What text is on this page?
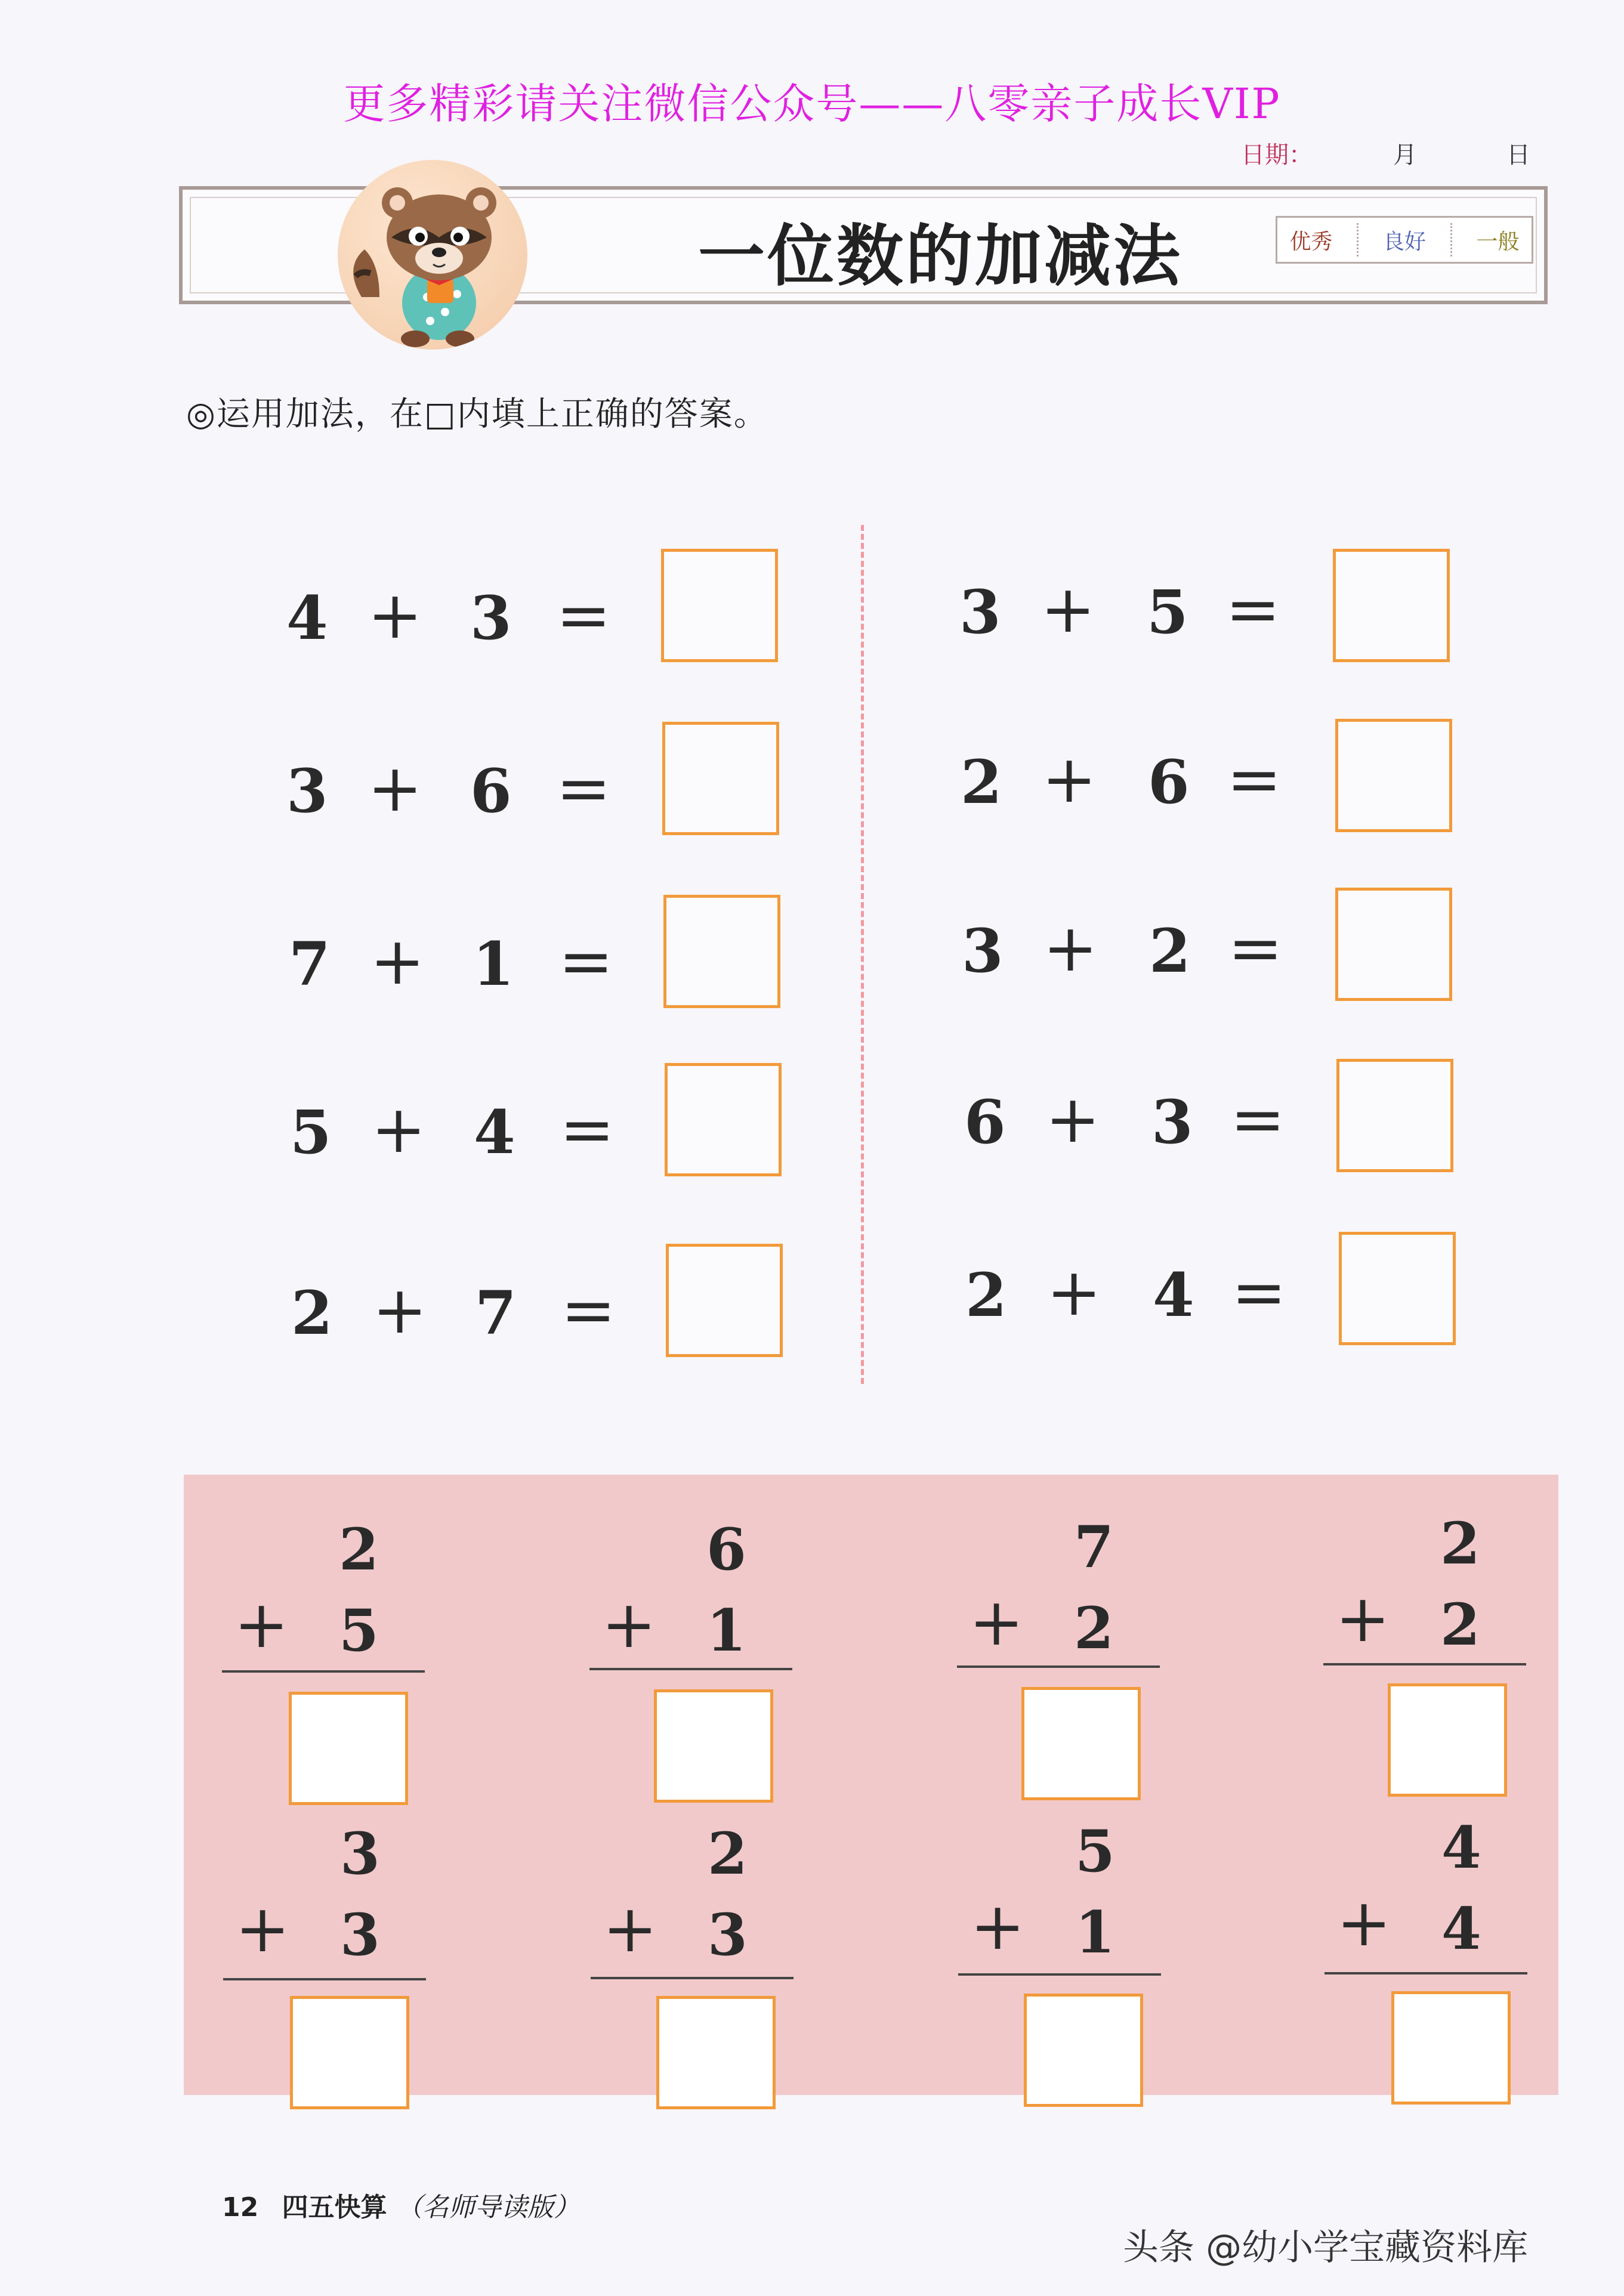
更多精彩请关注微信公众号——八零亲子成长VIP
日期：	月	日
一位数的加减法	优秀 良好 一般
◎运用加法，在□内填上正确的答案。
4 + 3 =
3 + 6 =
7 + 1 =
5 + 4 =
2 + 7 =
3 + 5 =
2 + 6 =
3 + 2 =
6 + 3 =
2 + 4 =
2
+ 5
6
+ 1
7
+ 2
2
+ 2
3
+ 3
2
+ 3
5
+ 1
4
+ 4
12 四五快算 （名师导读版）
头条 @幼小学宝藏资料库
